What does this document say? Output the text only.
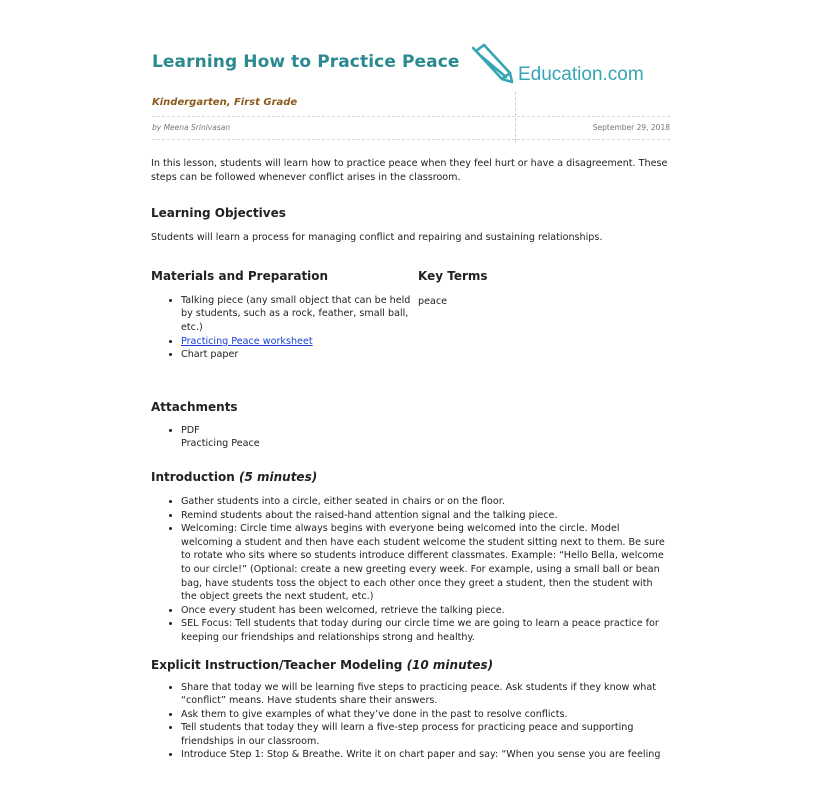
Learning How to Practice Peace
Education.com
Kindergarten, First Grade
by Meena Srinivasan	September 29, 2018

In this lesson, students will learn how to practice peace when they feel hurt or have a disagreement. These steps can be followed whenever conflict arises in the classroom.

Learning Objectives

Students will learn a process for managing conflict and repairing and sustaining relationships.

Materials and Preparation
• Talking piece (any small object that can be held by students, such as a rock, feather, small ball, etc.)
• Practicing Peace worksheet
• Chart paper
Key Terms

peace

Attachments
• PDF

Practicing Peace

Introduction (5 minutes)
• Gather students into a circle, either seated in chairs or on the floor.
• Remind students about the raised-hand attention signal and the talking piece.
• Welcoming: Circle time always begins with everyone being welcomed into the circle. Model welcoming a student and then have each student welcome the student sitting next to them. Be sure to rotate who sits where so students introduce different classmates. Example: “Hello Bella, welcome to our circle!” (Optional: create a new greeting every week. For example, using a small ball or bean bag, have students toss the object to each other once they greet a student, then the student with the object greets the next student, etc.)
• Once every student has been welcomed, retrieve the talking piece.
• SEL Focus: Tell students that today during our circle time we are going to learn a peace practice for keeping our friendships and relationships strong and healthy.
Explicit Instruction/Teacher Modeling (10 minutes)
• Share that today we will be learning five steps to practicing peace. Ask students if they know what “conflict” means. Have students share their answers.
• Ask them to give examples of what they’ve done in the past to resolve conflicts.
• Tell students that today they will learn a five-step process for practicing peace and supporting friendships in our classroom.
• Introduce Step 1: Stop & Breathe. Write it on chart paper and say: “When you sense you are feeling
